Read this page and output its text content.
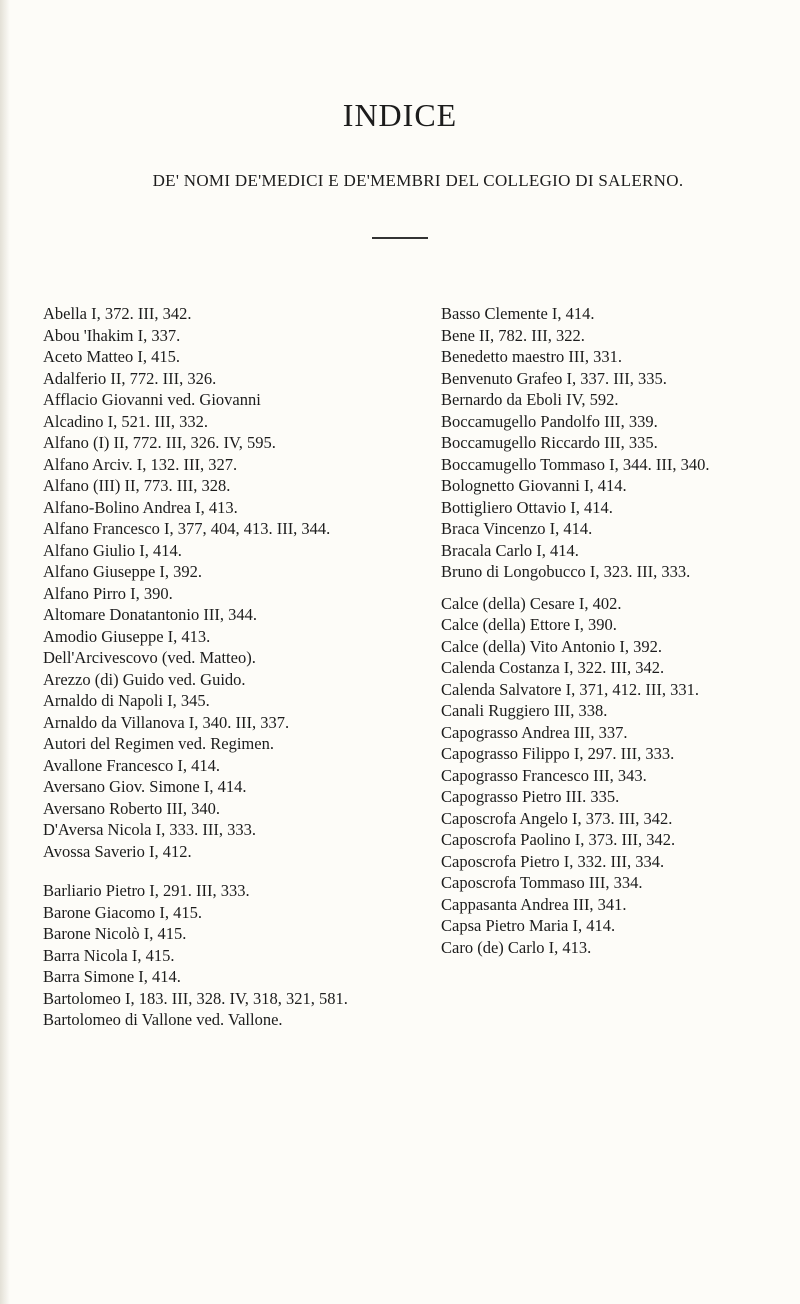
INDICE
DE' NOMI DE'MEDICI E DE'MEMBRI DEL COLLEGIO DI SALERNO.
Abella I, 372. III, 342.
Abou 'Ihakim I, 337.
Aceto Matteo I, 415.
Adalferio II, 772. III, 326.
Afflacio Giovanni ved. Giovanni
Alcadino I, 521. III, 332.
Alfano (I) II, 772. III, 326. IV, 595.
Alfano Arciv. I, 132. III, 327.
Alfano (III) II, 773. III, 328.
Alfano-Bolino Andrea I, 413.
Alfano Francesco I, 377, 404, 413. III, 344.
Alfano Giulio I, 414.
Alfano Giuseppe I, 392.
Alfano Pirro I, 390.
Altomare Donatantonio III, 344.
Amodio Giuseppe I, 413.
Dell'Arcivescovo (ved. Matteo).
Arezzo (di) Guido ved. Guido.
Arnaldo di Napoli I, 345.
Arnaldo da Villanova I, 340. III, 337.
Autori del Regimen ved. Regimen.
Avallone Francesco I, 414.
Aversano Giov. Simone I, 414.
Aversano Roberto III, 340.
D'Aversa Nicola I, 333. III, 333.
Avossa Saverio I, 412.
Barliario Pietro I, 291. III, 333.
Barone Giacomo I, 415.
Barone Nicolò I, 415.
Barra Nicola I, 415.
Barra Simone I, 414.
Bartolomeo I, 183. III, 328. IV, 318, 321, 581.
Bartolomeo di Vallone ved. Vallone.
Basso Clemente I, 414.
Bene II, 782. III, 322.
Benedetto maestro III, 331.
Benvenuto Grafeo I, 337. III, 335.
Bernardo da Eboli IV, 592.
Boccamugello Pandolfo III, 339.
Boccamugello Riccardo III, 335.
Boccamugello Tommaso I, 344. III, 340.
Bolognetto Giovanni I, 414.
Bottigliero Ottavio I, 414.
Braca Vincenzo I, 414.
Bracala Carlo I, 414.
Bruno di Longobucco I, 323. III, 333.
Calce (della) Cesare I, 402.
Calce (della) Ettore I, 390.
Calce (della) Vito Antonio I, 392.
Calenda Costanza I, 322. III, 342.
Calenda Salvatore I, 371, 412. III, 331.
Canali Ruggiero III, 338.
Capograsso Andrea III, 337.
Capograsso Filippo I, 297. III, 333.
Capograsso Francesco III, 343.
Capograsso Pietro III. 335.
Caposcrofa Angelo I, 373. III, 342.
Caposcrofa Paolino I, 373. III, 342.
Caposcrofa Pietro I, 332. III, 334.
Caposcrofa Tommaso III, 334.
Cappasanta Andrea III, 341.
Capsa Pietro Maria I, 414.
Caro (de) Carlo I, 413.
